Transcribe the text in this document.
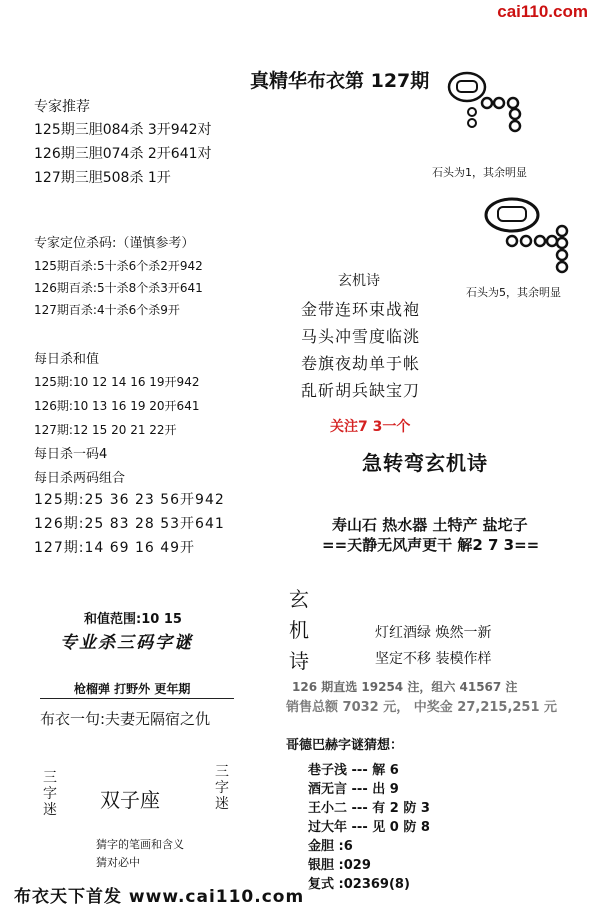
cai110.com
真精华布衣第 127期
专家推荐
125期三胆084杀 3开942对
126期三胆074杀 2开641对
127期三胆508杀 1开
专家定位杀码:（谨慎参考）
125期百杀:5十杀6个杀2开942
126期百杀:5十杀8个杀3开641
127期百杀:4十杀6个杀9开
每日杀和值
125期:10 12 14 16 19开942
126期:10 13 16 19 20开641
127期:12 15 20 21 22开
每日杀一码4
每日杀两码组合
125期:25 36 23 56开942
126期:25 83 28 53开641
127期:14 69 16 49开
石头为1，其余明显
石头为5，其余明显
玄机诗
金带连环束战袍
马头冲雪度临洮
卷旗夜劫单于帐
乱斫胡兵缺宝刀
关注7 3一个
急转弯玄机诗
寿山石 热水器 土特产 盐坨子
==天静无风声更干 解2 7 3==
和值范围:10 15
专业杀三码字谜
枪榴弹 打野外 更年期
布衣一句:夫妻无隔宿之仇
三字迷 双子座
三字迷
猜字的笔画和含义
猜对必中
玄
机
诗
灯红酒绿 焕然一新
坚定不移 装模作样
126 期直选 19254 注，组六 41567 注
销售总额 7032 元， 中奖金 27,215,251 元
哥德巴赫字谜猜想：
巷子浅 --- 解 6
酒无言 --- 出 9
王小二 --- 有 2 防 3
过大年 --- 见 0 防 8
金胆 :6
银胆 :029
复式 :02369(8)
布衣天下首发 www.cai110.com
